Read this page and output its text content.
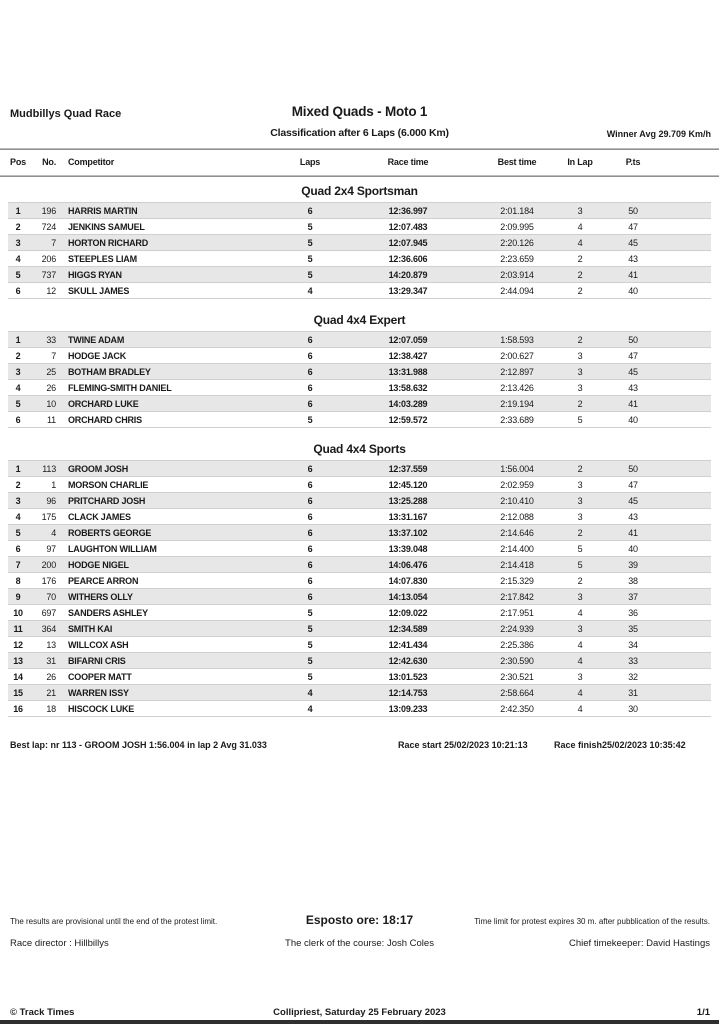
Mudbillys Quad Race	Mixed Quads - Moto 1
Classification after 6 Laps (6.000 Km)	Winner Avg 29.709 Km/h
Pos	No.	Competitor	Laps	Race time	Best time	In Lap	P.ts	
Quad 2x4 Sportsman
1	196	HARRIS MARTIN	6	12:36.997	2:01.184	3	50	
2	724	JENKINS SAMUEL	5	12:07.483	2:09.995	4	47	
3	7	HORTON RICHARD	5	12:07.945	2:20.126	4	45	
4	206	STEEPLES LIAM	5	12:36.606	2:23.659	2	43	
5	737	HIGGS RYAN	5	14:20.879	2:03.914	2	41	
6	12	SKULL JAMES	4	13:29.347	2:44.094	2	40	
Quad 4x4 Expert
1	33	TWINE ADAM	6	12:07.059	1:58.593	2	50	
2	7	HODGE JACK	6	12:38.427	2:00.627	3	47	
3	25	BOTHAM BRADLEY	6	13:31.988	2:12.897	3	45	
4	26	FLEMING-SMITH DANIEL	6	13:58.632	2:13.426	3	43	
5	10	ORCHARD LUKE	6	14:03.289	2:19.194	2	41	
6	11	ORCHARD CHRIS	5	12:59.572	2:33.689	5	40	
Quad 4x4 Sports
1	113	GROOM JOSH	6	12:37.559	1:56.004	2	50	
2	1	MORSON CHARLIE	6	12:45.120	2:02.959	3	47	
3	96	PRITCHARD JOSH	6	13:25.288	2:10.410	3	45	
4	175	CLACK JAMES	6	13:31.167	2:12.088	3	43	
5	4	ROBERTS GEORGE	6	13:37.102	2:14.646	2	41	
6	97	LAUGHTON WILLIAM	6	13:39.048	2:14.400	5	40	
7	200	HODGE NIGEL	6	14:06.476	2:14.418	5	39	
8	176	PEARCE ARRON	6	14:07.830	2:15.329	2	38	
9	70	WITHERS OLLY	6	14:13.054	2:17.842	3	37	
10	697	SANDERS ASHLEY	5	12:09.022	2:17.951	4	36	
11	364	SMITH KAI	5	12:34.589	2:24.939	3	35	
12	13	WILLCOX ASH	5	12:41.434	2:25.386	4	34	
13	31	BIFARNI CRIS	5	12:42.630	2:30.590	4	33	
14	26	COOPER MATT	5	13:01.523	2:30.521	3	32	
15	21	WARREN ISSY	4	12:14.753	2:58.664	4	31	
16	18	HISCOCK LUKE	4	13:09.233	2:42.350	4	30	
Best lap: nr 113 - GROOM JOSH 1:56.004 in lap 2 Avg 31.033	Race start 25/02/2023 10:21:13	Race finish25/02/2023 10:35:42
The results are provisional until the end of the protest limit.	Esposto ore: 18:17	Time limit for protest expires 30 m. after pubblication of the results.
Race director : Hillbillys	The clerk of the course: Josh Coles	Chief timekeeper: David Hastings
© Track Times	Collipriest, Saturday 25 February 2023	1/1
